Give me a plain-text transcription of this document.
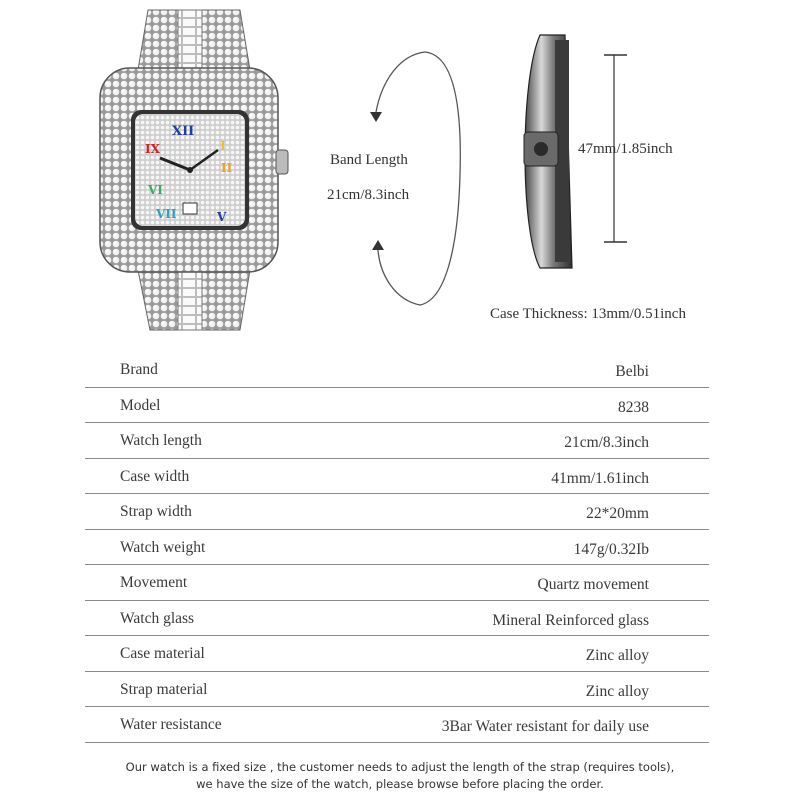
XII
V
IX	I
II
VI
VII
Band Length
21cm/8.3inch
47mm/1.85inch
Case Thickness: 13mm/0.51inch
Brand	Belbi
Model	8238
Watch length	21cm/8.3inch
Case width	41mm/1.61inch
Strap width	22*20mm
Watch weight	147g/0.32Ib
Movement	Quartz movement
Watch glass	Mineral Reinforced glass
Case material	Zinc alloy
Strap material	Zinc alloy
Water resistance	3Bar Water resistant for daily use
Our watch is a fixed size , the customer needs to adjust the length of the strap (requires tools),
we have the size of the watch, please browse before placing the order.
